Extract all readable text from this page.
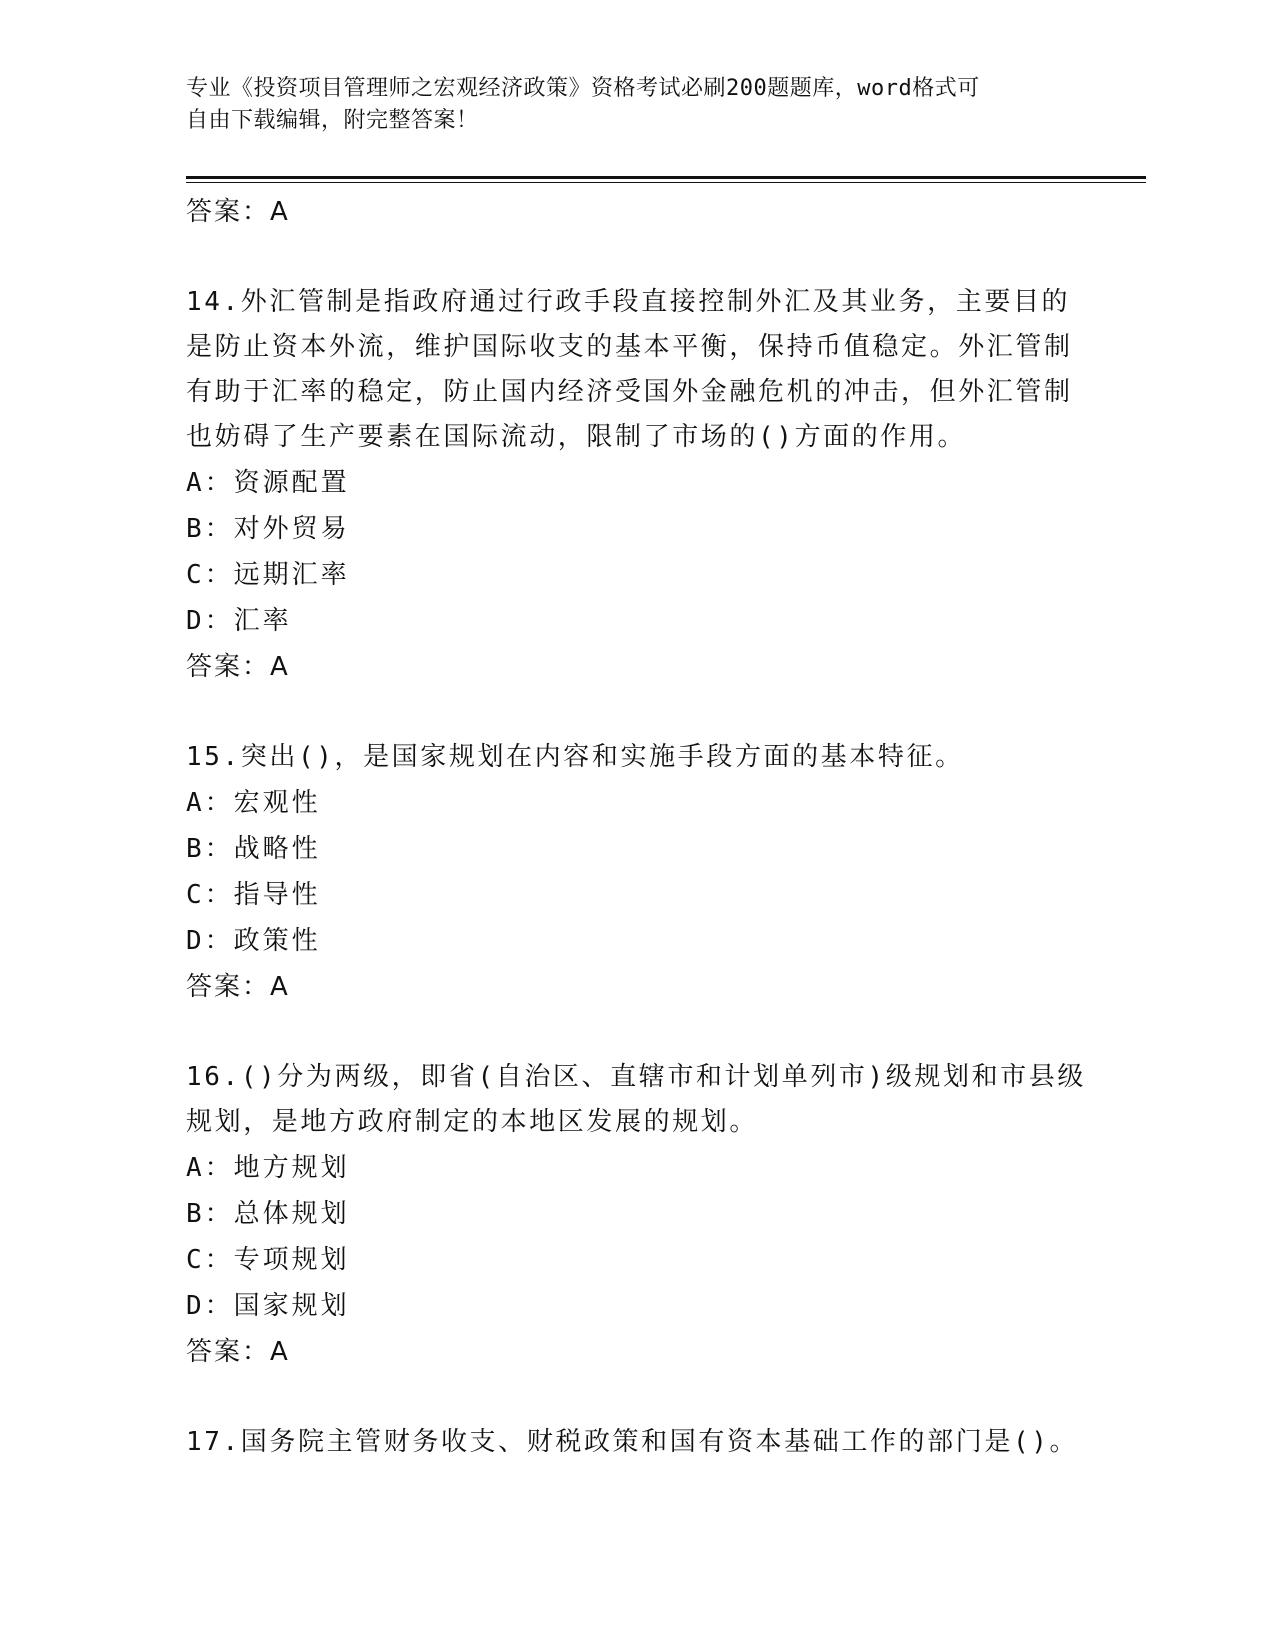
专业《投资项目管理师之宏观经济政策》资格考试必刷200题题库，word格式可
自由下载编辑，附完整答案！
答案：A
14.外汇管制是指政府通过行政手段直接控制外汇及其业务，主要目的是防止资本外流，维护国际收支的基本平衡，保持币值稳定。外汇管制有助于汇率的稳定，防止国内经济受国外金融危机的冲击，但外汇管制也妨碍了生产要素在国际流动，限制了市场的()方面的作用。
A：资源配置
B：对外贸易
C：远期汇率
D：汇率
答案：A
15.突出()，是国家规划在内容和实施手段方面的基本特征。
A：宏观性
B：战略性
C：指导性
D：政策性
答案：A
16.()分为两级，即省(自治区、直辖市和计划单列市)级规划和市县级规划，是地方政府制定的本地区发展的规划。
A：地方规划
B：总体规划
C：专项规划
D：国家规划
答案：A
17.国务院主管财务收支、财税政策和国有资本基础工作的部门是()。
